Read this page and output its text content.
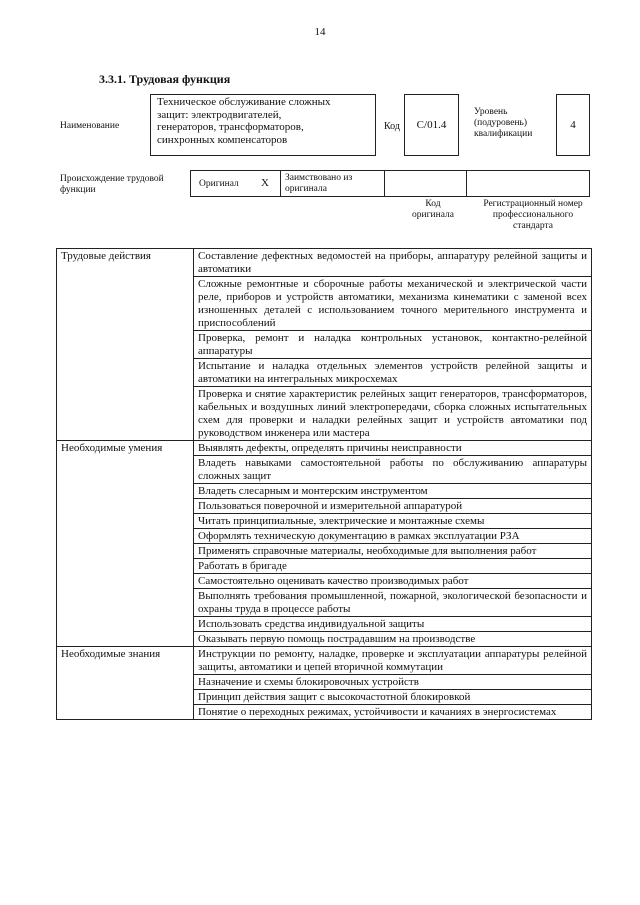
14
3.3.1. Трудовая функция
Наименование
Техническое обслуживание сложных
защит: электродвигателей,
генераторов, трансформаторов,
синхронных компенсаторов
Код	С/01.4
Уровень
(подуровень)
квалификации
4
Происхождение трудовой
функции
Оригинал X Заимствовано из
оригинала
Код
оригинала
Регистрационный номер
профессионального
стандарта
Трудовые действия	Составление дефектных ведомостей на приборы, аппаратуру релейной защиты и автоматики
	Сложные ремонтные и сборочные работы механической и электрической части реле, приборов и устройств автоматики, механизма кинематики с заменой всех изношенных деталей с использованием точного мерительного инструмента и приспособлений
	Проверка, ремонт и наладка контрольных установок, контактно-релейной аппаратуры
	Испытание и наладка отдельных элементов устройств релейной защиты и автоматики на интегральных микросхемах
	Проверка и снятие характеристик релейных защит генераторов, трансформаторов, кабельных и воздушных линий электропередачи, сборка сложных испытательных схем для проверки и наладки релейных защит и устройств автоматики под руководством инженера или мастера
Необходимые умения	Выявлять дефекты, определять причины неисправности
	Владеть навыками самостоятельной работы по обслуживанию аппаратуры сложных защит
	Владеть слесарным и монтерским инструментом
	Пользоваться поверочной и измерительной аппаратурой
	Читать принципиальные, электрические и монтажные схемы
	Оформлять техническую документацию в рамках эксплуатации РЗА
	Применять справочные материалы, необходимые для выполнения работ
	Работать в бригаде
	Самостоятельно оценивать качество производимых работ
	Выполнять требования промышленной, пожарной, экологической безопасности и охраны труда в процессе работы
	Использовать средства индивидуальной защиты
	Оказывать первую помощь пострадавшим на производстве
Необходимые знания	Инструкции по ремонту, наладке, проверке и эксплуатации аппаратуры релейной защиты, автоматики и цепей вторичной коммутации
	Назначение и схемы блокировочных устройств
	Принцип действия защит с высокочастотной блокировкой
	Понятие о переходных режимах, устойчивости и качаниях в энергосистемах
